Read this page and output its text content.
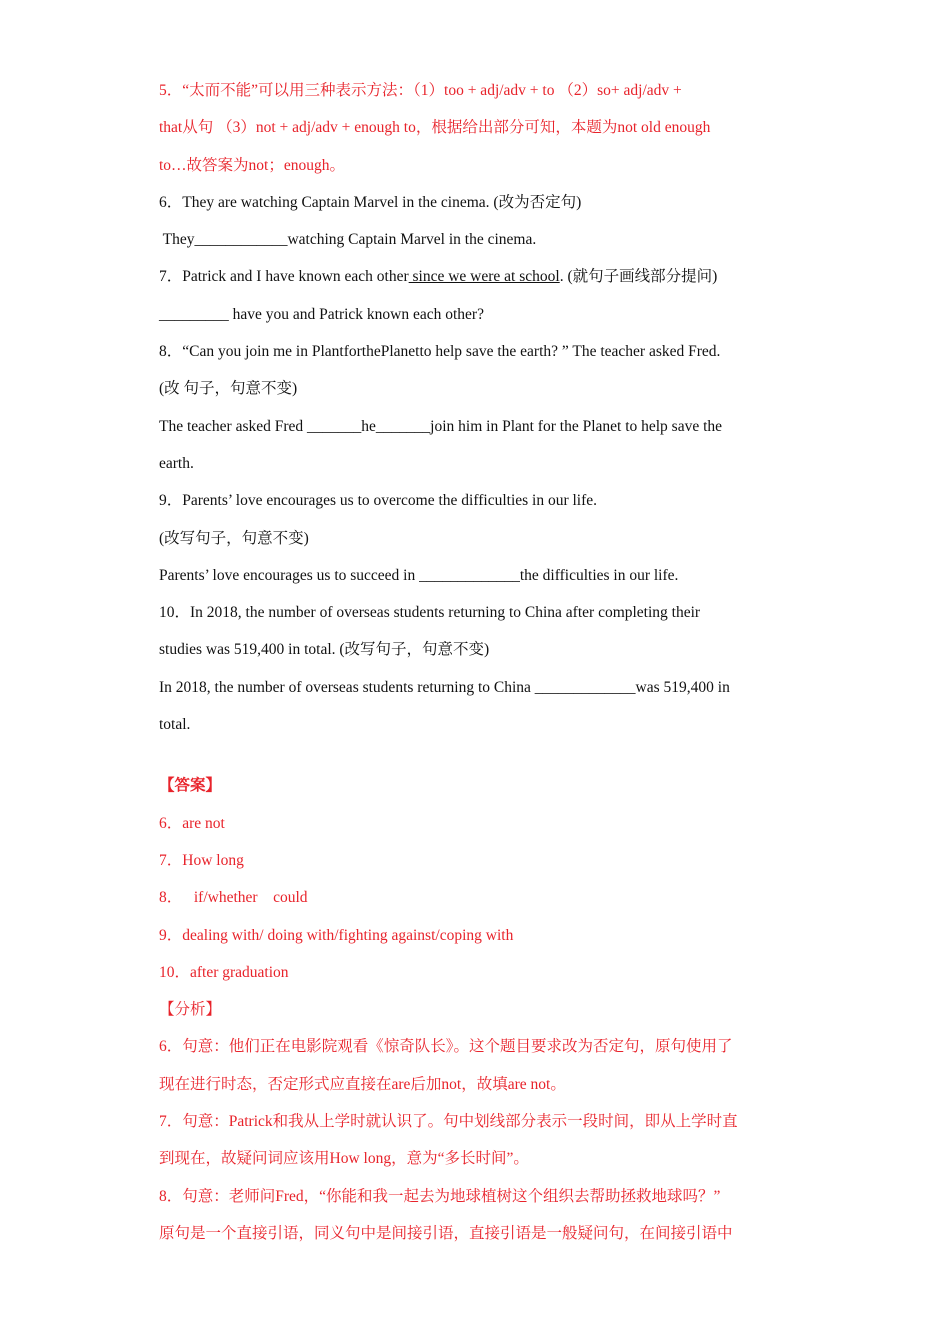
5．“太而不能”可以用三种表示方法：（1）too + adj/adv + to （2）so+ adj/adv +
that从句 （3）not + adj/adv + enough to，根据给出部分可知，本题为not old enough
to…故答案为not；enough。
6．They are watching Captain Marvel in the cinema. (改为否定句)
They____________watching Captain Marvel in the cinema.
7．Patrick and I have known each other since we were at school. (就句子画线部分提问)
_________ have you and Patrick known each other?
8．“Can you join me in PlantforthePlanetto help save the earth? ” The teacher asked Fred.
(改 句子，句意不变)
The teacher asked Fred _______he_______join him in Plant for the Planet to help save the
earth.
9．Parents’ love encourages us to overcome the difficulties in our life.
(改写句子，句意不变)
Parents’ love encourages us to succeed in _____________the difficulties in our life.
10．In 2018, the number of overseas students returning to China after completing their
studies was 519,400 in total. (改写句子，句意不变)
In 2018, the number of overseas students returning to China _____________was 519,400 in
total.
【答案】
6．are not
7．How long
8．   if/whether    could
9．dealing with/ doing with/fighting against/coping with
10．after graduation
【分析】
6．句意：他们正在电影院观看《惊奇队长》。这个题目要求改为否定句，原句使用了
现在进行时态，否定形式应直接在are后加not，故填are not。
7．句意：Patrick和我从上学时就认识了。句中划线部分表示一段时间，即从上学时直
到现在，故疑问词应该用How long，意为“多长时间”。
8．句意：老师问Fred，“你能和我一起去为地球植树这个组织去帮助拯救地球吗？”
原句是一个直接引语，同义句中是间接引语，直接引语是一般疑问句，在间接引语中
